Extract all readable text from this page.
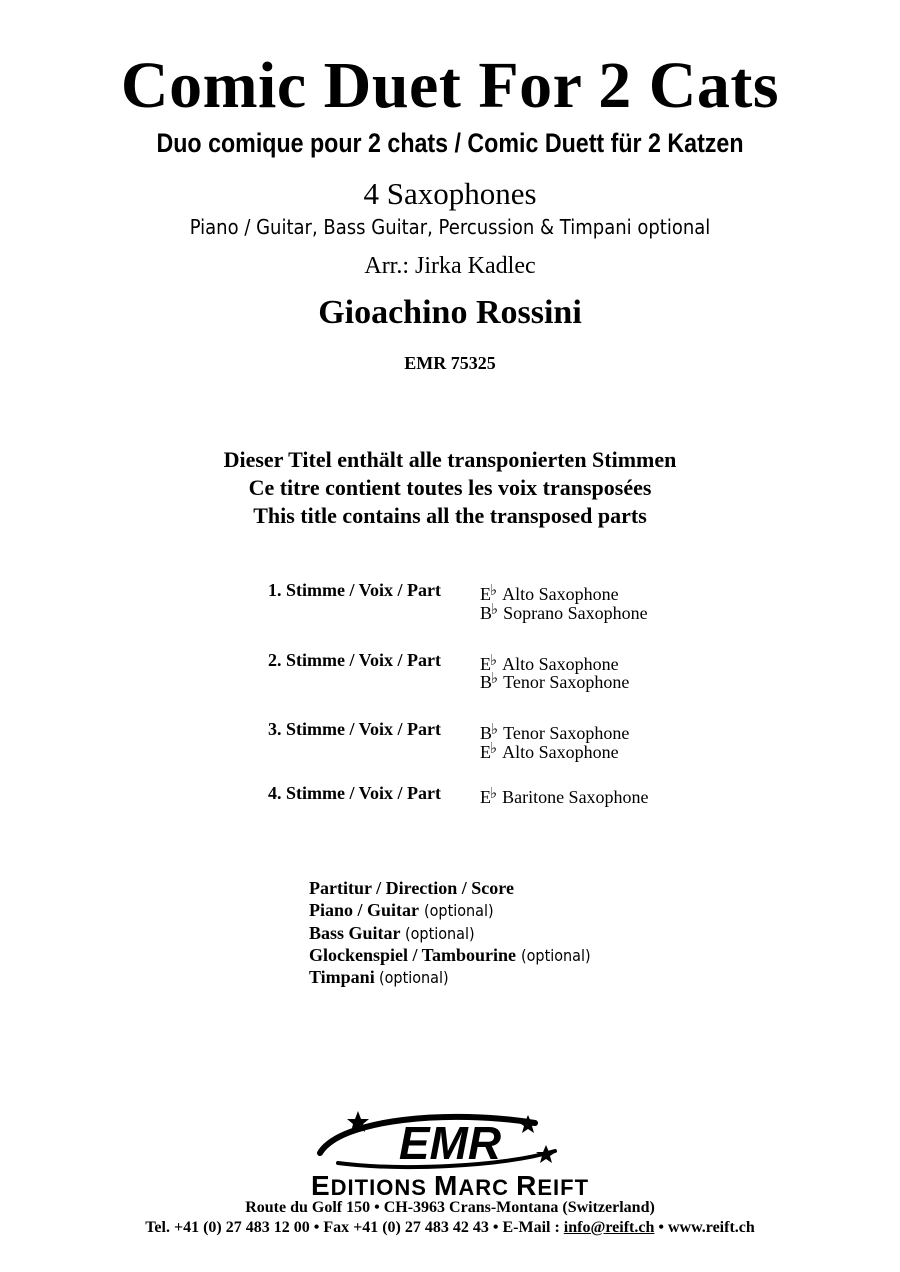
Comic Duet For 2 Cats
Duo comique pour 2 chats / Comic Duett für 2 Katzen
4 Saxophones
Piano / Guitar, Bass Guitar, Percussion & Timpani optional
Arr.: Jirka Kadlec
Gioachino Rossini
EMR 75325
Dieser Titel enthält alle transponierten Stimmen
Ce titre contient toutes les voix transposées
This title contains all the transposed parts
1. Stimme / Voix / Part E♭ Alto Saxophone
B♭ Soprano Saxophone
2. Stimme / Voix / Part E♭ Alto Saxophone
B♭ Tenor Saxophone
3. Stimme / Voix / Part B♭ Tenor Saxophone
E♭ Alto Saxophone
4. Stimme / Voix / Part E♭ Baritone Saxophone
Partitur / Direction / Score
Piano / Guitar (optional)
Bass Guitar (optional)
Glockenspiel / Tambourine (optional)
Timpani (optional)
EMR
EDITIONS MARC REIFT
Route du Golf 150 • CH-3963 Crans-Montana (Switzerland)
Tel. +41 (0) 27 483 12 00 • Fax +41 (0) 27 483 42 43 • E-Mail : info@reift.ch • www.reift.ch
